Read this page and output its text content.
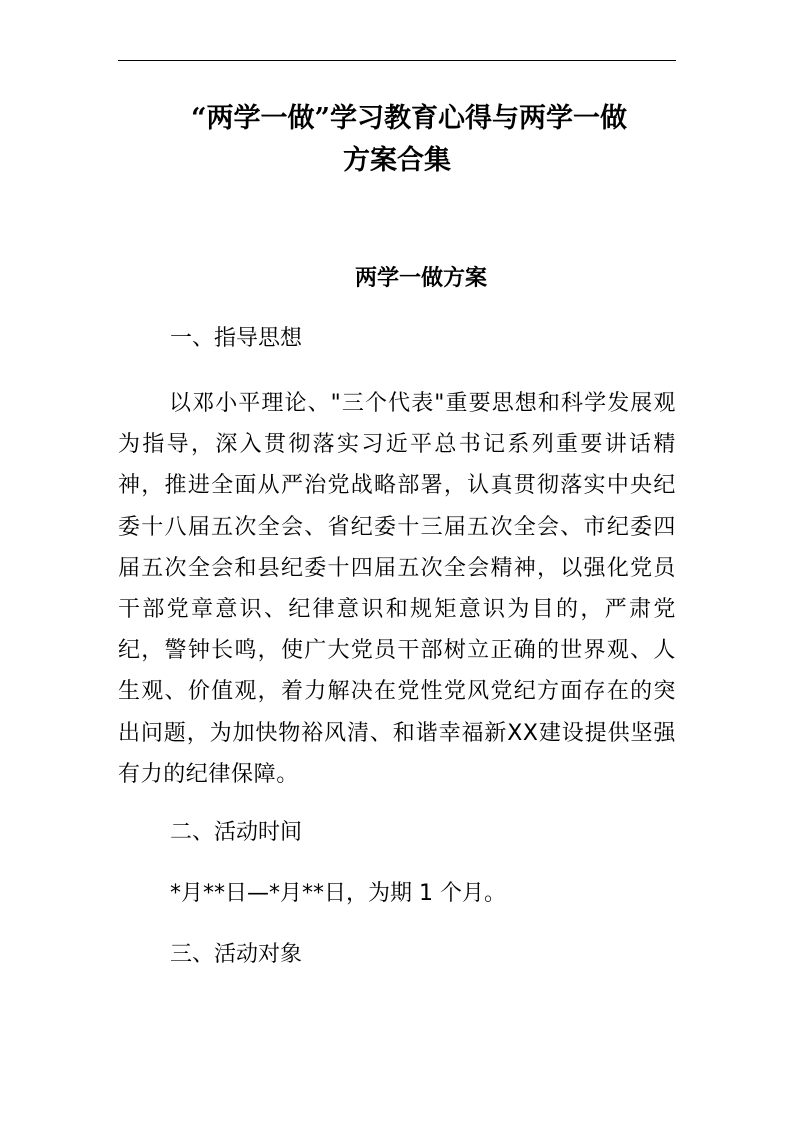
“两学一做”学习教育心得与两学一做
方案合集
两学一做方案
一、指导思想
以邓小平理论、"三个代表"重要思想和科学发展观为指导，深入贯彻落实习近平总书记系列重要讲话精神，推进全面从严治党战略部署，认真贯彻落实中央纪委十八届五次全会、省纪委十三届五次全会、市纪委四届五次全会和县纪委十四届五次全会精神，以强化党员干部党章意识、纪律意识和规矩意识为目的，严肃党纪，警钟长鸣，使广大党员干部树立正确的世界观、人生观、价值观，着力解决在党性党风党纪方面存在的突出问题，为加快物裕风清、和谐幸福新XX建设提供坚强有力的纪律保障。
二、活动时间
*月**日—*月**日，为期 1 个月。
三、活动对象
